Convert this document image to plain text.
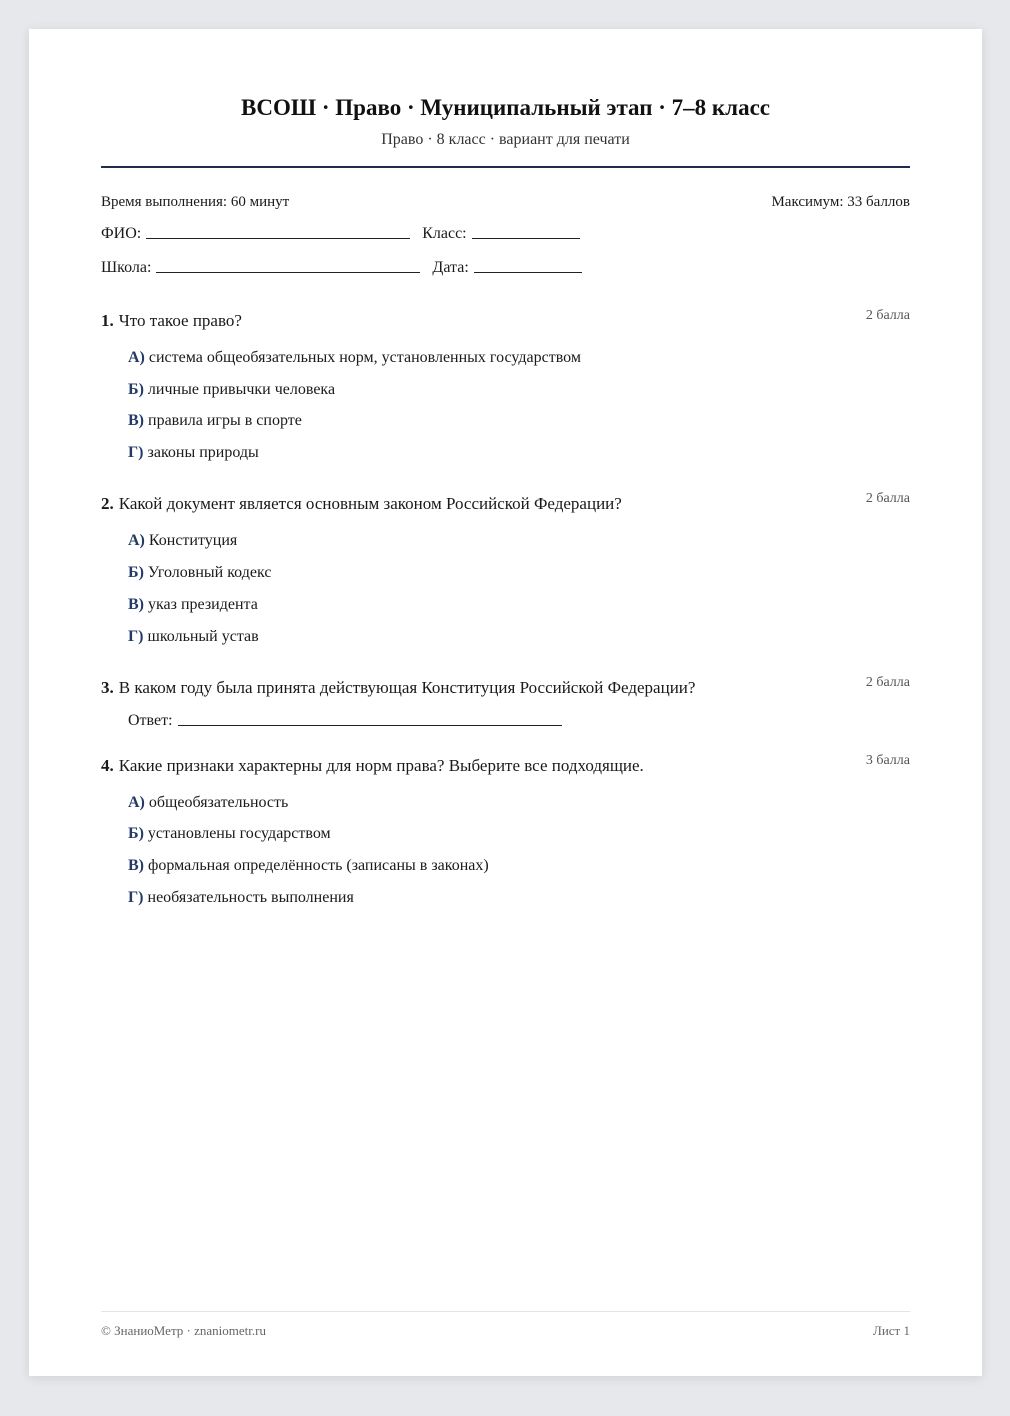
ВСОШ · Право · Муниципальный этап · 7–8 класс
Право · 8 класс · вариант для печати
Время выполнения: 60 минут	Максимум: 33 баллов
ФИО:	Класс:
Школа:	Дата:
1. Что такое право?	2 балла
А) система общеобязательных норм, установленных государством
Б) личные привычки человека
В) правила игры в спорте
Г) законы природы
2. Какой документ является основным законом Российской Федерации?	2 балла
А) Конституция
Б) Уголовный кодекс
В) указ президента
Г) школьный устав
3. В каком году была принята действующая Конституция Российской Федерации?	2 балла
Ответ:
4. Какие признаки характерны для норм права? Выберите все подходящие.	3 балла
А) общеобязательность
Б) установлены государством
В) формальная определённость (записаны в законах)
Г) необязательность выполнения
© ЗнаниоМетр · znaniometr.ru	Лист 1
